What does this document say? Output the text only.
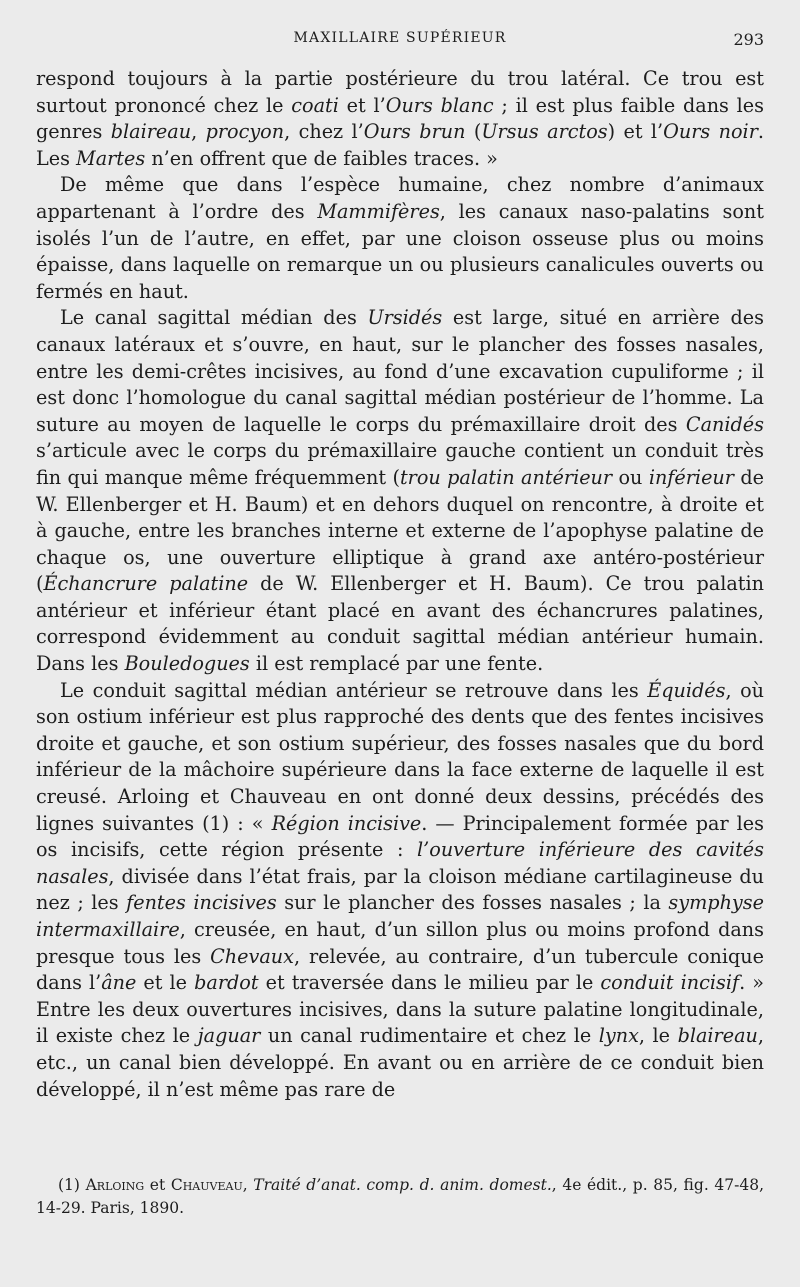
MAXILLAIRE SUPÉRIEUR	293

respond toujours à la partie postérieure du trou latéral. Ce trou est surtout prononcé chez le coati et l’Ours blanc ; il est plus faible dans les genres blaireau, procyon, chez l’Ours brun (Ursus arctos) et l’Ours noir. Les Martes n’en offrent que de faibles traces. »

De même que dans l’espèce humaine, chez nombre d’animaux appartenant à l’ordre des Mammifères, les canaux naso-palatins sont isolés l’un de l’autre, en effet, par une cloison osseuse plus ou moins épaisse, dans laquelle on remarque un ou plusieurs canalicules ouverts ou fermés en haut.

Le canal sagittal médian des Ursidés est large, situé en arrière des canaux latéraux et s’ouvre, en haut, sur le plancher des fosses nasales, entre les demi-crêtes incisives, au fond d’une excavation cupuliforme ; il est donc l’homologue du canal sagittal médian postérieur de l’homme. La suture au moyen de laquelle le corps du prémaxillaire droit des Canidés s’articule avec le corps du prémaxillaire gauche contient un conduit très fin qui manque même fréquemment (trou palatin antérieur ou inférieur de W. Ellenberger et H. Baum) et en dehors duquel on rencontre, à droite et à gauche, entre les branches interne et externe de l’apophyse palatine de chaque os, une ouverture elliptique à grand axe antéro-postérieur (Échancrure palatine de W. Ellenberger et H. Baum). Ce trou palatin antérieur et inférieur étant placé en avant des échancrures palatines, correspond évidemment au conduit sagittal médian antérieur humain. Dans les Bouledogues il est remplacé par une fente.

Le conduit sagittal médian antérieur se retrouve dans les Équidés, où son ostium inférieur est plus rapproché des dents que des fentes incisives droite et gauche, et son ostium supérieur, des fosses nasales que du bord inférieur de la mâchoire supérieure dans la face externe de laquelle il est creusé. Arloing et Chauveau en ont donné deux dessins, précédés des lignes suivantes (1) : « Région incisive. — Principalement formée par les os incisifs, cette région présente : l’ouverture inférieure des cavités nasales, divisée dans l’état frais, par la cloison médiane cartilagineuse du nez ; les fentes incisives sur le plancher des fosses nasales ; la symphyse intermaxillaire, creusée, en haut, d’un sillon plus ou moins profond dans presque tous les Chevaux, relevée, au contraire, d’un tubercule conique dans l’âne et le bardot et traversée dans le milieu par le conduit incisif. » Entre les deux ouvertures incisives, dans la suture palatine longitudinale, il existe chez le jaguar un canal rudimentaire et chez le lynx, le blaireau, etc., un canal bien développé. En avant ou en arrière de ce conduit bien développé, il n’est même pas rare de

(1) Arloing et Chauveau, Traité d’anat. comp. d. anim. domest., 4e édit., p. 85, fig. 47-48, 14-29. Paris, 1890.
